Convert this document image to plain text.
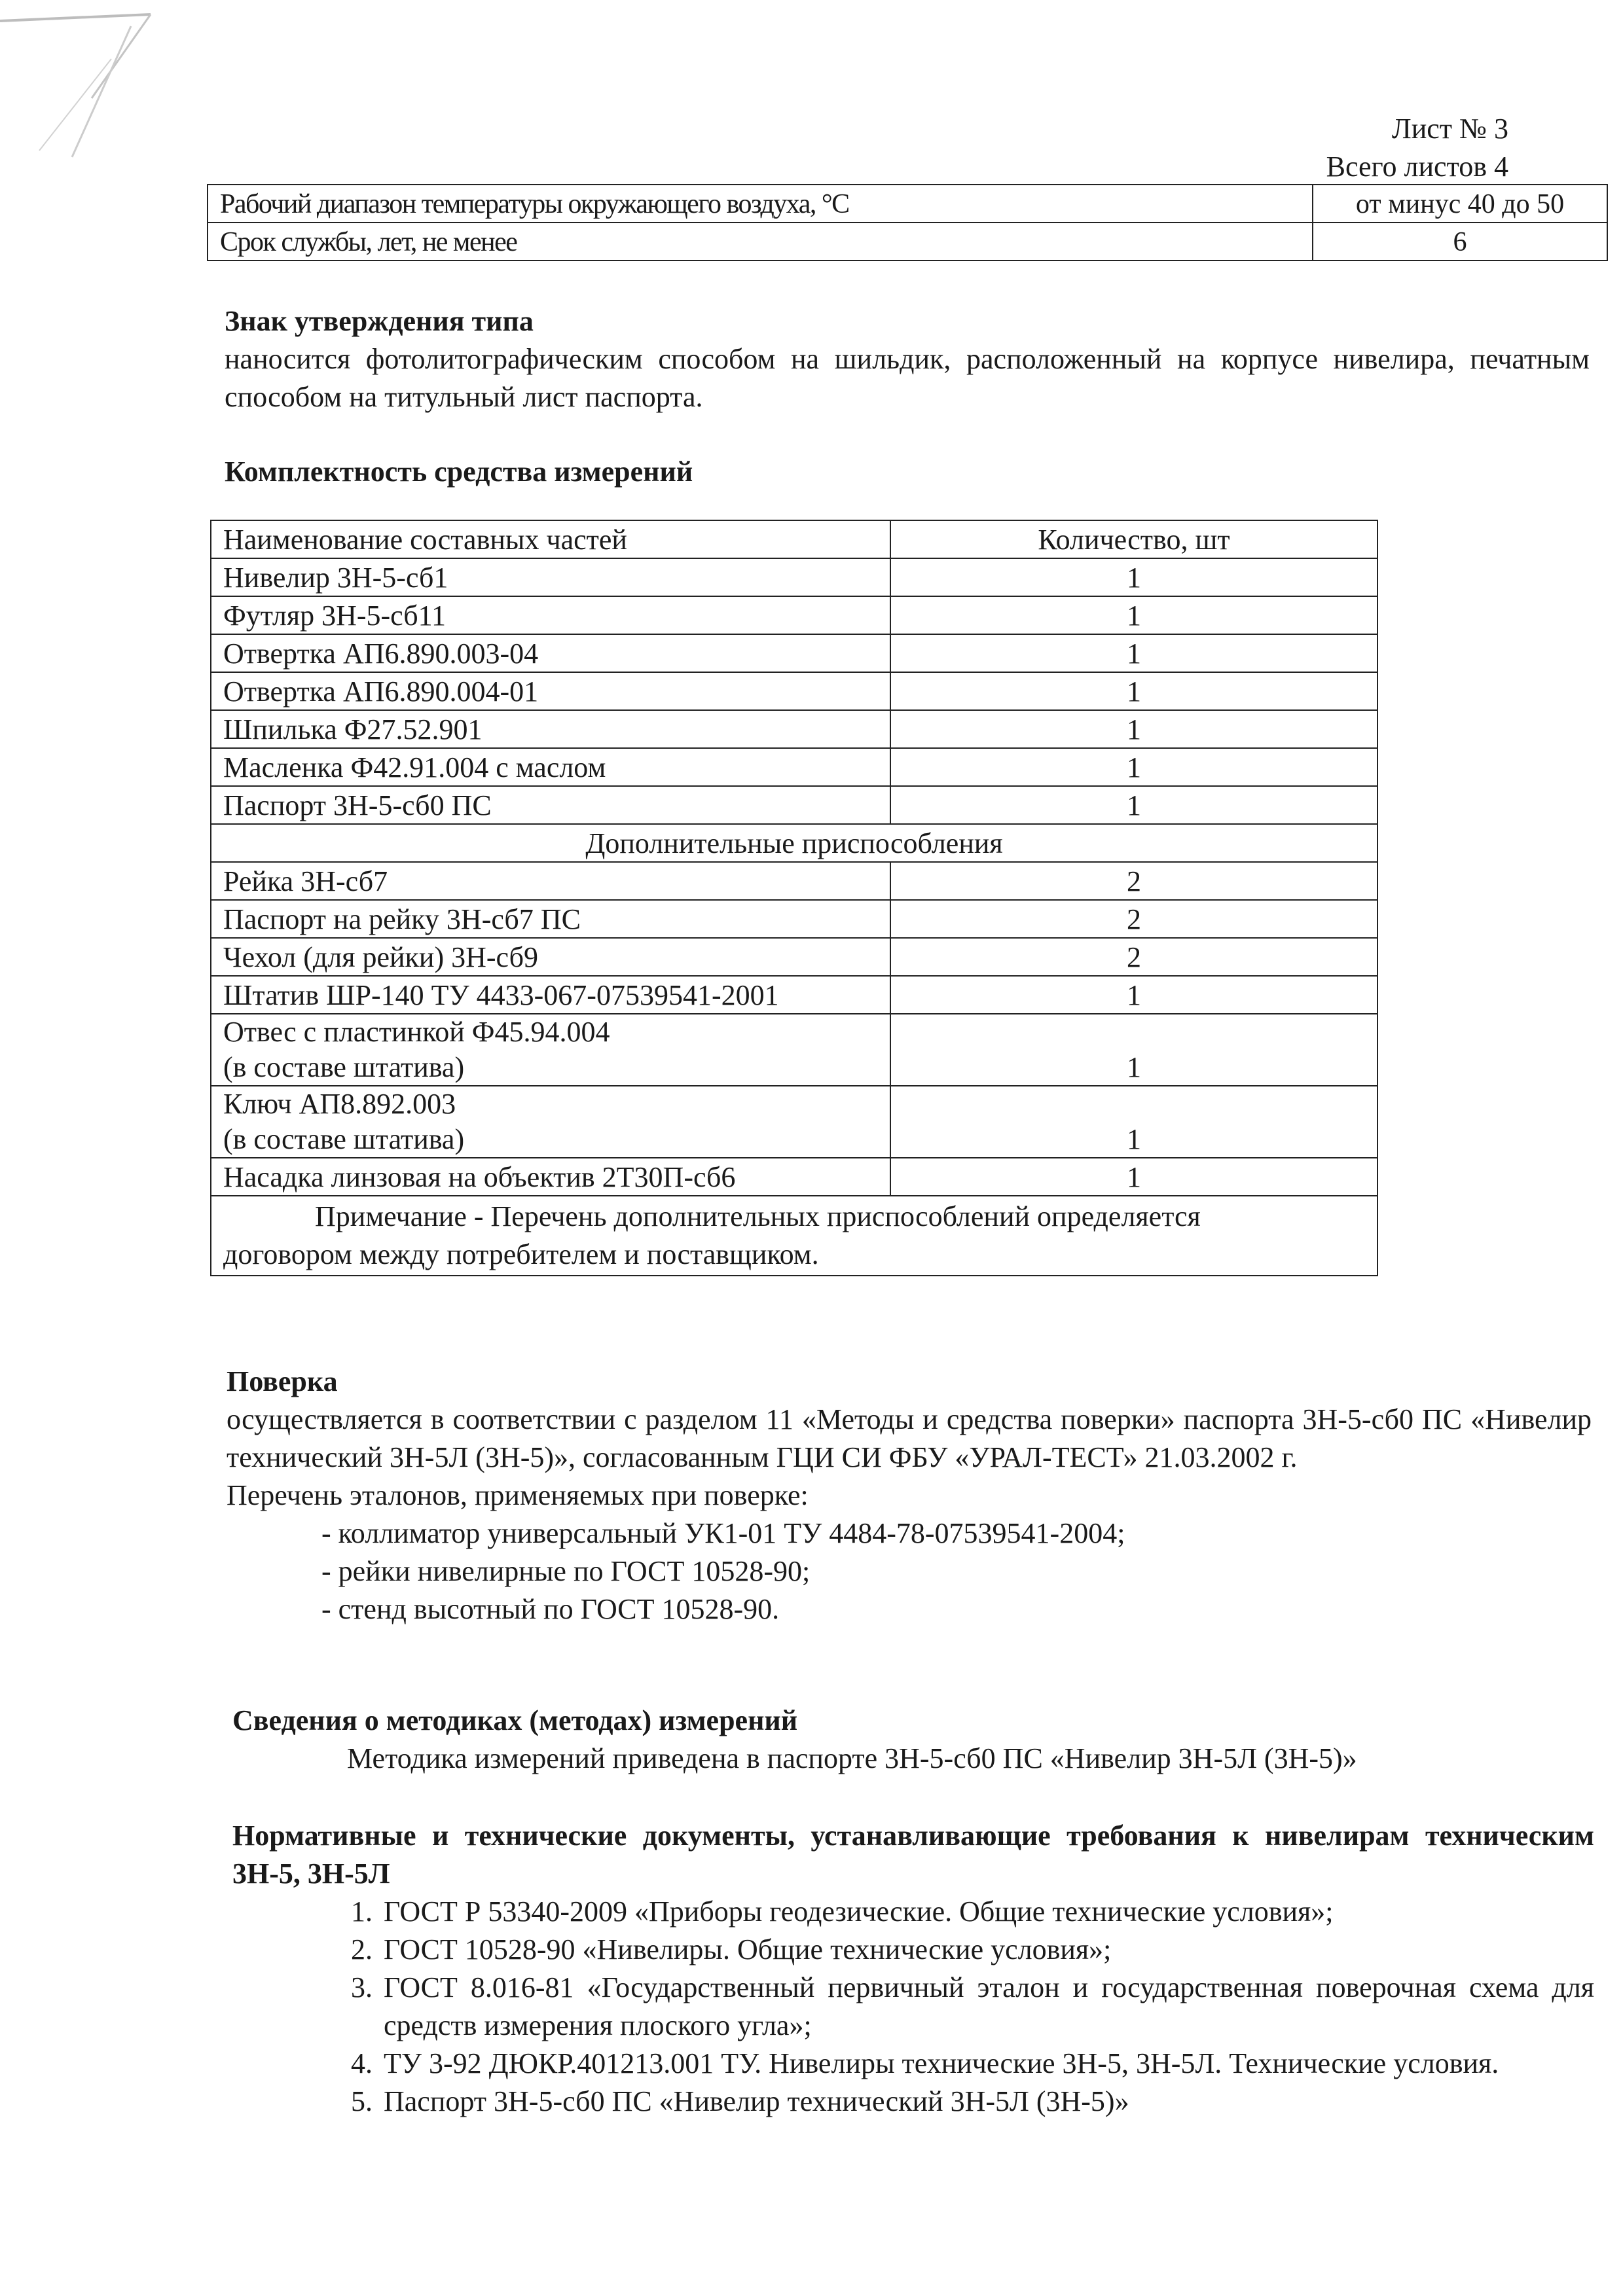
Лист № 3
Всего листов 4
Рабочий диапазон температуры окружающего воздуха, °С	от минус 40 до 50
Срок службы, лет, не менее	6
Знак утверждения типа
наносится фотолитографическим способом на шильдик, расположенный на корпусе нивелира, печатным способом на титульный лист паспорта.
Комплектность средства измерений
Наименование составных частей	Количество, шт
Нивелир 3Н-5-сб1	1
Футляр 3Н-5-сб11	1
Отвертка АП6.890.003-04	1
Отвертка АП6.890.004-01	1
Шпилька Ф27.52.901	1
Масленка Ф42.91.004 с маслом	1
Паспорт 3Н-5-сб0 ПС	1
Дополнительные приспособления	
Рейка 3Н-сб7	2
Паспорт на рейку 3Н-сб7 ПС	2
Чехол (для рейки) 3Н-сб9	2
Штатив ШР-140 ТУ 4433-067-07539541-2001	1

Отвес с пластинкой Ф45.94.004
(в составе штатива)	1

Ключ АП8.892.003
(в составе штатива)	1
Насадка линзовая на объектив 2Т30П-сб6	1

Примечание - Перечень дополнительных приспособлений определяется
договором между потребителем и поставщиком.	
Поверка
осуществляется в соответствии с разделом 11 «Методы и средства поверки» паспорта 3Н-5-сб0 ПС «Нивелир технический 3Н-5Л (3Н-5)», согласованным ГЦИ СИ ФБУ «УРАЛ-ТЕСТ» 21.03.2002 г.
Перечень эталонов, применяемых при поверке:
- коллиматор универсальный УК1-01 ТУ 4484-78-07539541-2004;
- рейки нивелирные по ГОСТ 10528-90;
- стенд высотный по ГОСТ 10528-90.
Сведения о методиках (методах) измерений
Методика измерений приведена в паспорте 3Н-5-сб0 ПС «Нивелир 3Н-5Л (3Н-5)»
Нормативные и технические документы, устанавливающие требования к нивелирам техническим 3Н-5, 3Н-5Л
1. ГОСТ Р 53340-2009 «Приборы геодезические. Общие технические условия»;
2. ГОСТ 10528-90 «Нивелиры. Общие технические условия»;
3. ГОСТ 8.016-81 «Государственный первичный эталон и государственная поверочная схема для средств измерения плоского угла»;
4. ТУ 3-92 ДЮКР.401213.001 ТУ. Нивелиры технические 3Н-5, 3Н-5Л. Технические условия.
5. Паспорт 3Н-5-сб0 ПС «Нивелир технический 3Н-5Л (3Н-5)»
